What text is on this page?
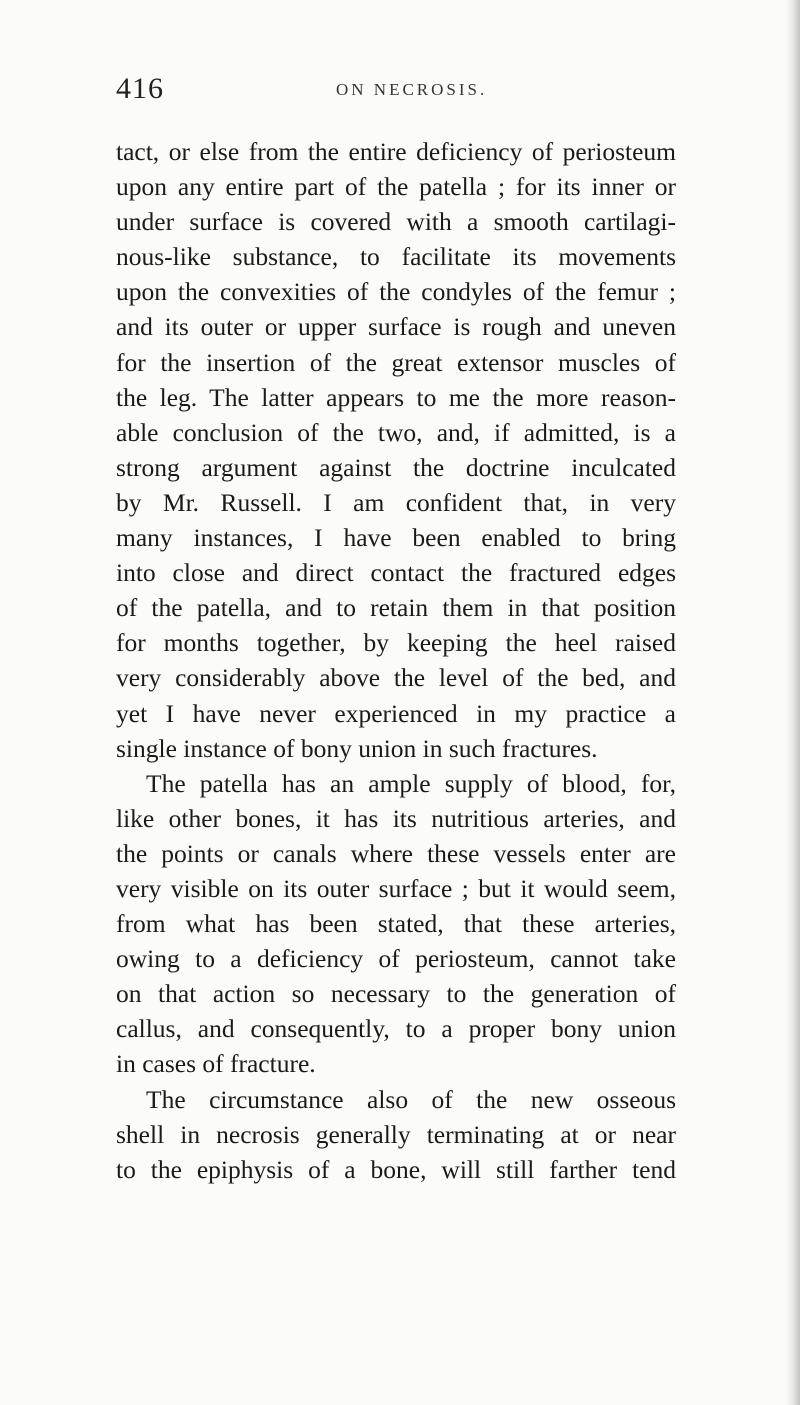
416	ON NECROSIS.
tact, or else from the entire deficiency of periosteum
upon any entire part of the patella ; for its inner or
under surface is covered with a smooth cartilagi-
nous-like substance, to facilitate its movements
upon the convexities of the condyles of the femur ;
and its outer or upper surface is rough and uneven
for the insertion of the great extensor muscles of
the leg. The latter appears to me the more reason-
able conclusion of the two, and, if admitted, is a
strong argument against the doctrine inculcated
by Mr. Russell. I am confident that, in very
many instances, I have been enabled to bring
into close and direct contact the fractured edges
of the patella, and to retain them in that position
for months together, by keeping the heel raised
very considerably above the level of the bed, and
yet I have never experienced in my practice a
single instance of bony union in such fractures.
The patella has an ample supply of blood, for,
like other bones, it has its nutritious arteries, and
the points or canals where these vessels enter are
very visible on its outer surface ; but it would seem,
from what has been stated, that these arteries,
owing to a deficiency of periosteum, cannot take
on that action so necessary to the generation of
callus, and consequently, to a proper bony union
in cases of fracture.
The circumstance also of the new osseous
shell in necrosis generally terminating at or near
to the epiphysis of a bone, will still farther tend
